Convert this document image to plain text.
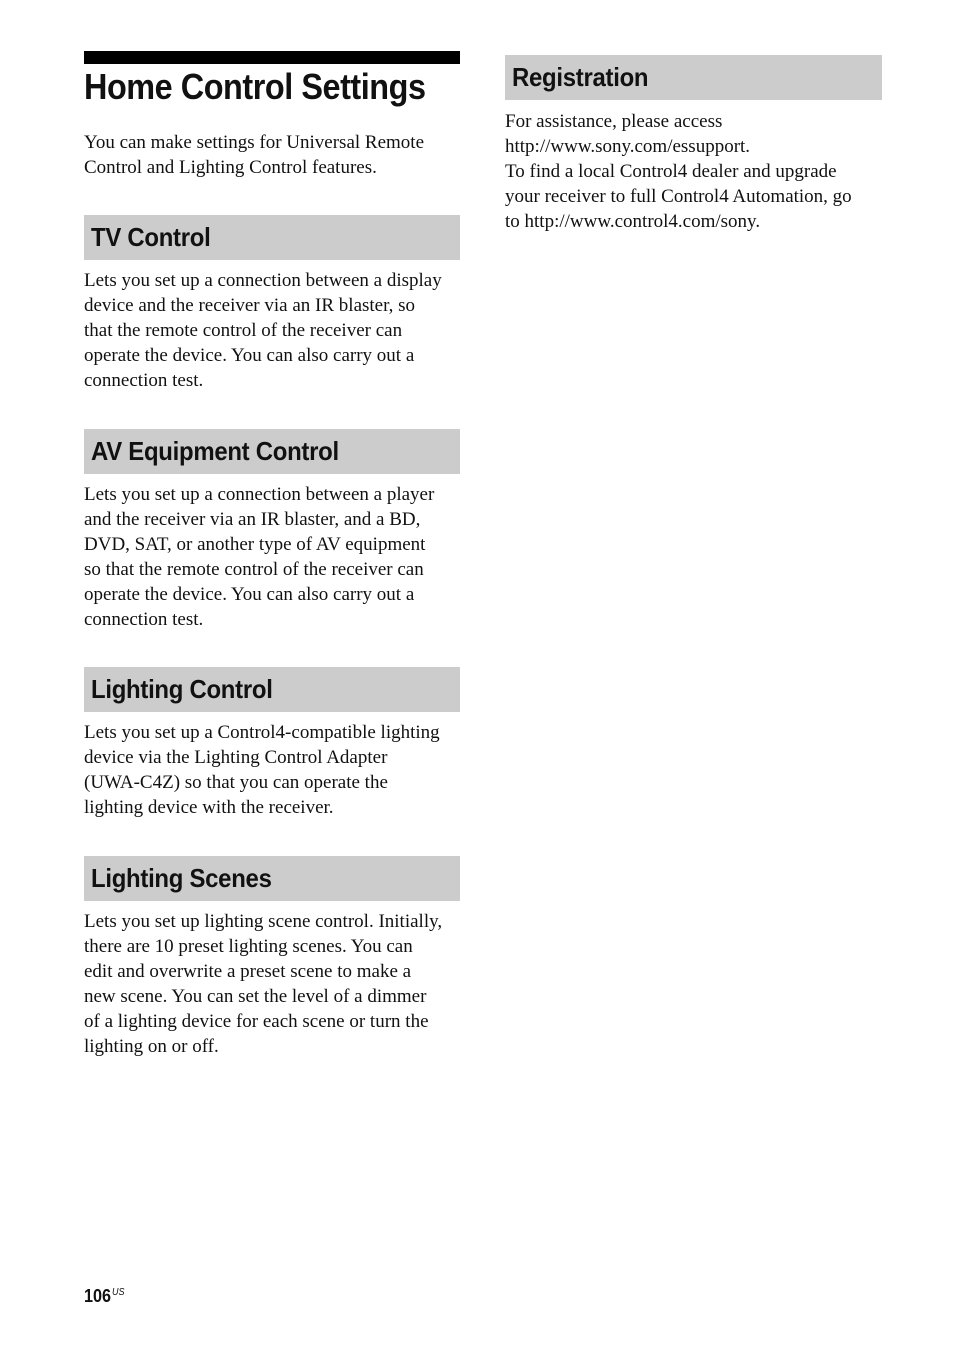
Home Control Settings

You can make settings for Universal Remote
Control and Lighting Control features.

TV Control

Lets you set up a connection between a display
device and the receiver via an IR blaster, so
that the remote control of the receiver can
operate the device. You can also carry out a
connection test.

AV Equipment Control

Lets you set up a connection between a player
and the receiver via an IR blaster, and a BD,
DVD, SAT, or another type of AV equipment
so that the remote control of the receiver can
operate the device. You can also carry out a
connection test.

Lighting Control

Lets you set up a Control4-compatible lighting
device via the Lighting Control Adapter
(UWA-C4Z) so that you can operate the
lighting device with the receiver.

Lighting Scenes

Lets you set up lighting scene control. Initially,
there are 10 preset lighting scenes. You can
edit and overwrite a preset scene to make a
new scene. You can set the level of a dimmer
of a lighting device for each scene or turn the
lighting on or off.

Registration

For assistance, please access
http://www.sony.com/essupport.
To find a local Control4 dealer and upgrade
your receiver to full Control4 Automation, go
to http://www.control4.com/sony.

$106^{US}$
